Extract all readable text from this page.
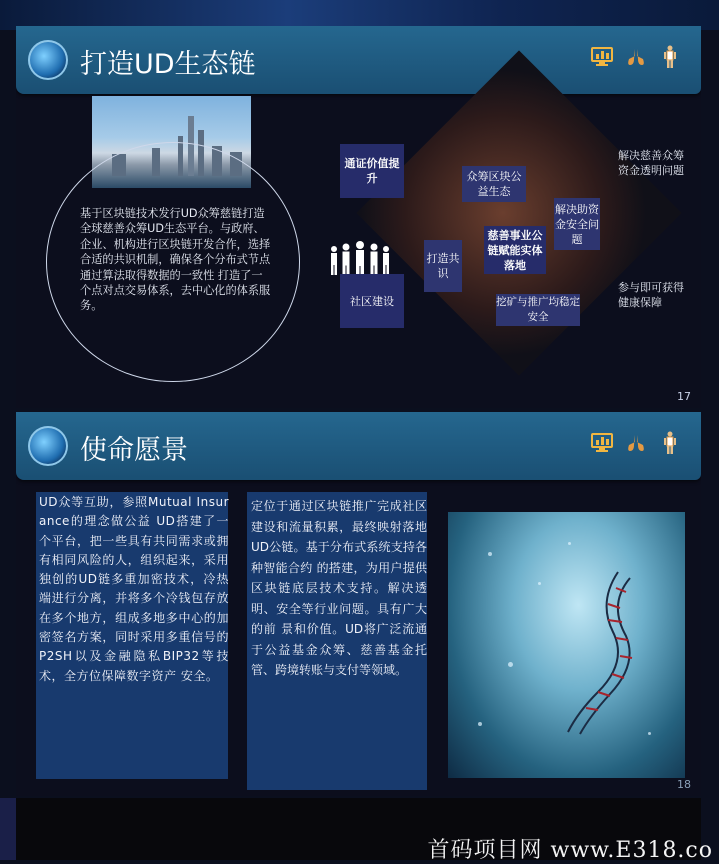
打造UD生态链
基于区块链技术发行UD众筹慈链打造全球慈善众筹UD生态平台。与政府、企业、机构进行区块链开发合作，选择合适的共识机制，确保各个分布式节点通过算法取得数据的一致性 打造了一个点对点交易体系，去中心化的体系服务。
通证价值提升
社区建设
众筹区块公益生态
慈善事业公链赋能实体落地
解决助资金安全问题
打造共识
挖矿与推广均稳定安全
解决慈善众筹 资金透明问题
参与即可获得健康保障
17
使命愿景
UD众等互助，参照Mutual Insur ance的理念做公益 UD搭建了一个平台，把一些具有共同需求或拥有相同风险的人，组织起来，采用独创的UD链多重加密技术，冷热端进行分离，并将多个冷钱包存放在多个地方，组成多地多中心的加密签名方案，同时采用多重信号的P2SH以及金融隐私BIP32等技术，全方位保障数字资产 安全。
定位于通过区块链推广完成社区建设和流量积累，最终映射落地 UD公链。基于分布式系统支持各种智能合约 的搭建，为用户提供区块链底层技术支持。解决透明、安全等行业问题。具有广大的前 景和价值。UD将广泛流通于公益基金众筹、慈善基金托管、跨境转账与支付等领域。
18
首码项目网 www.E318.co
